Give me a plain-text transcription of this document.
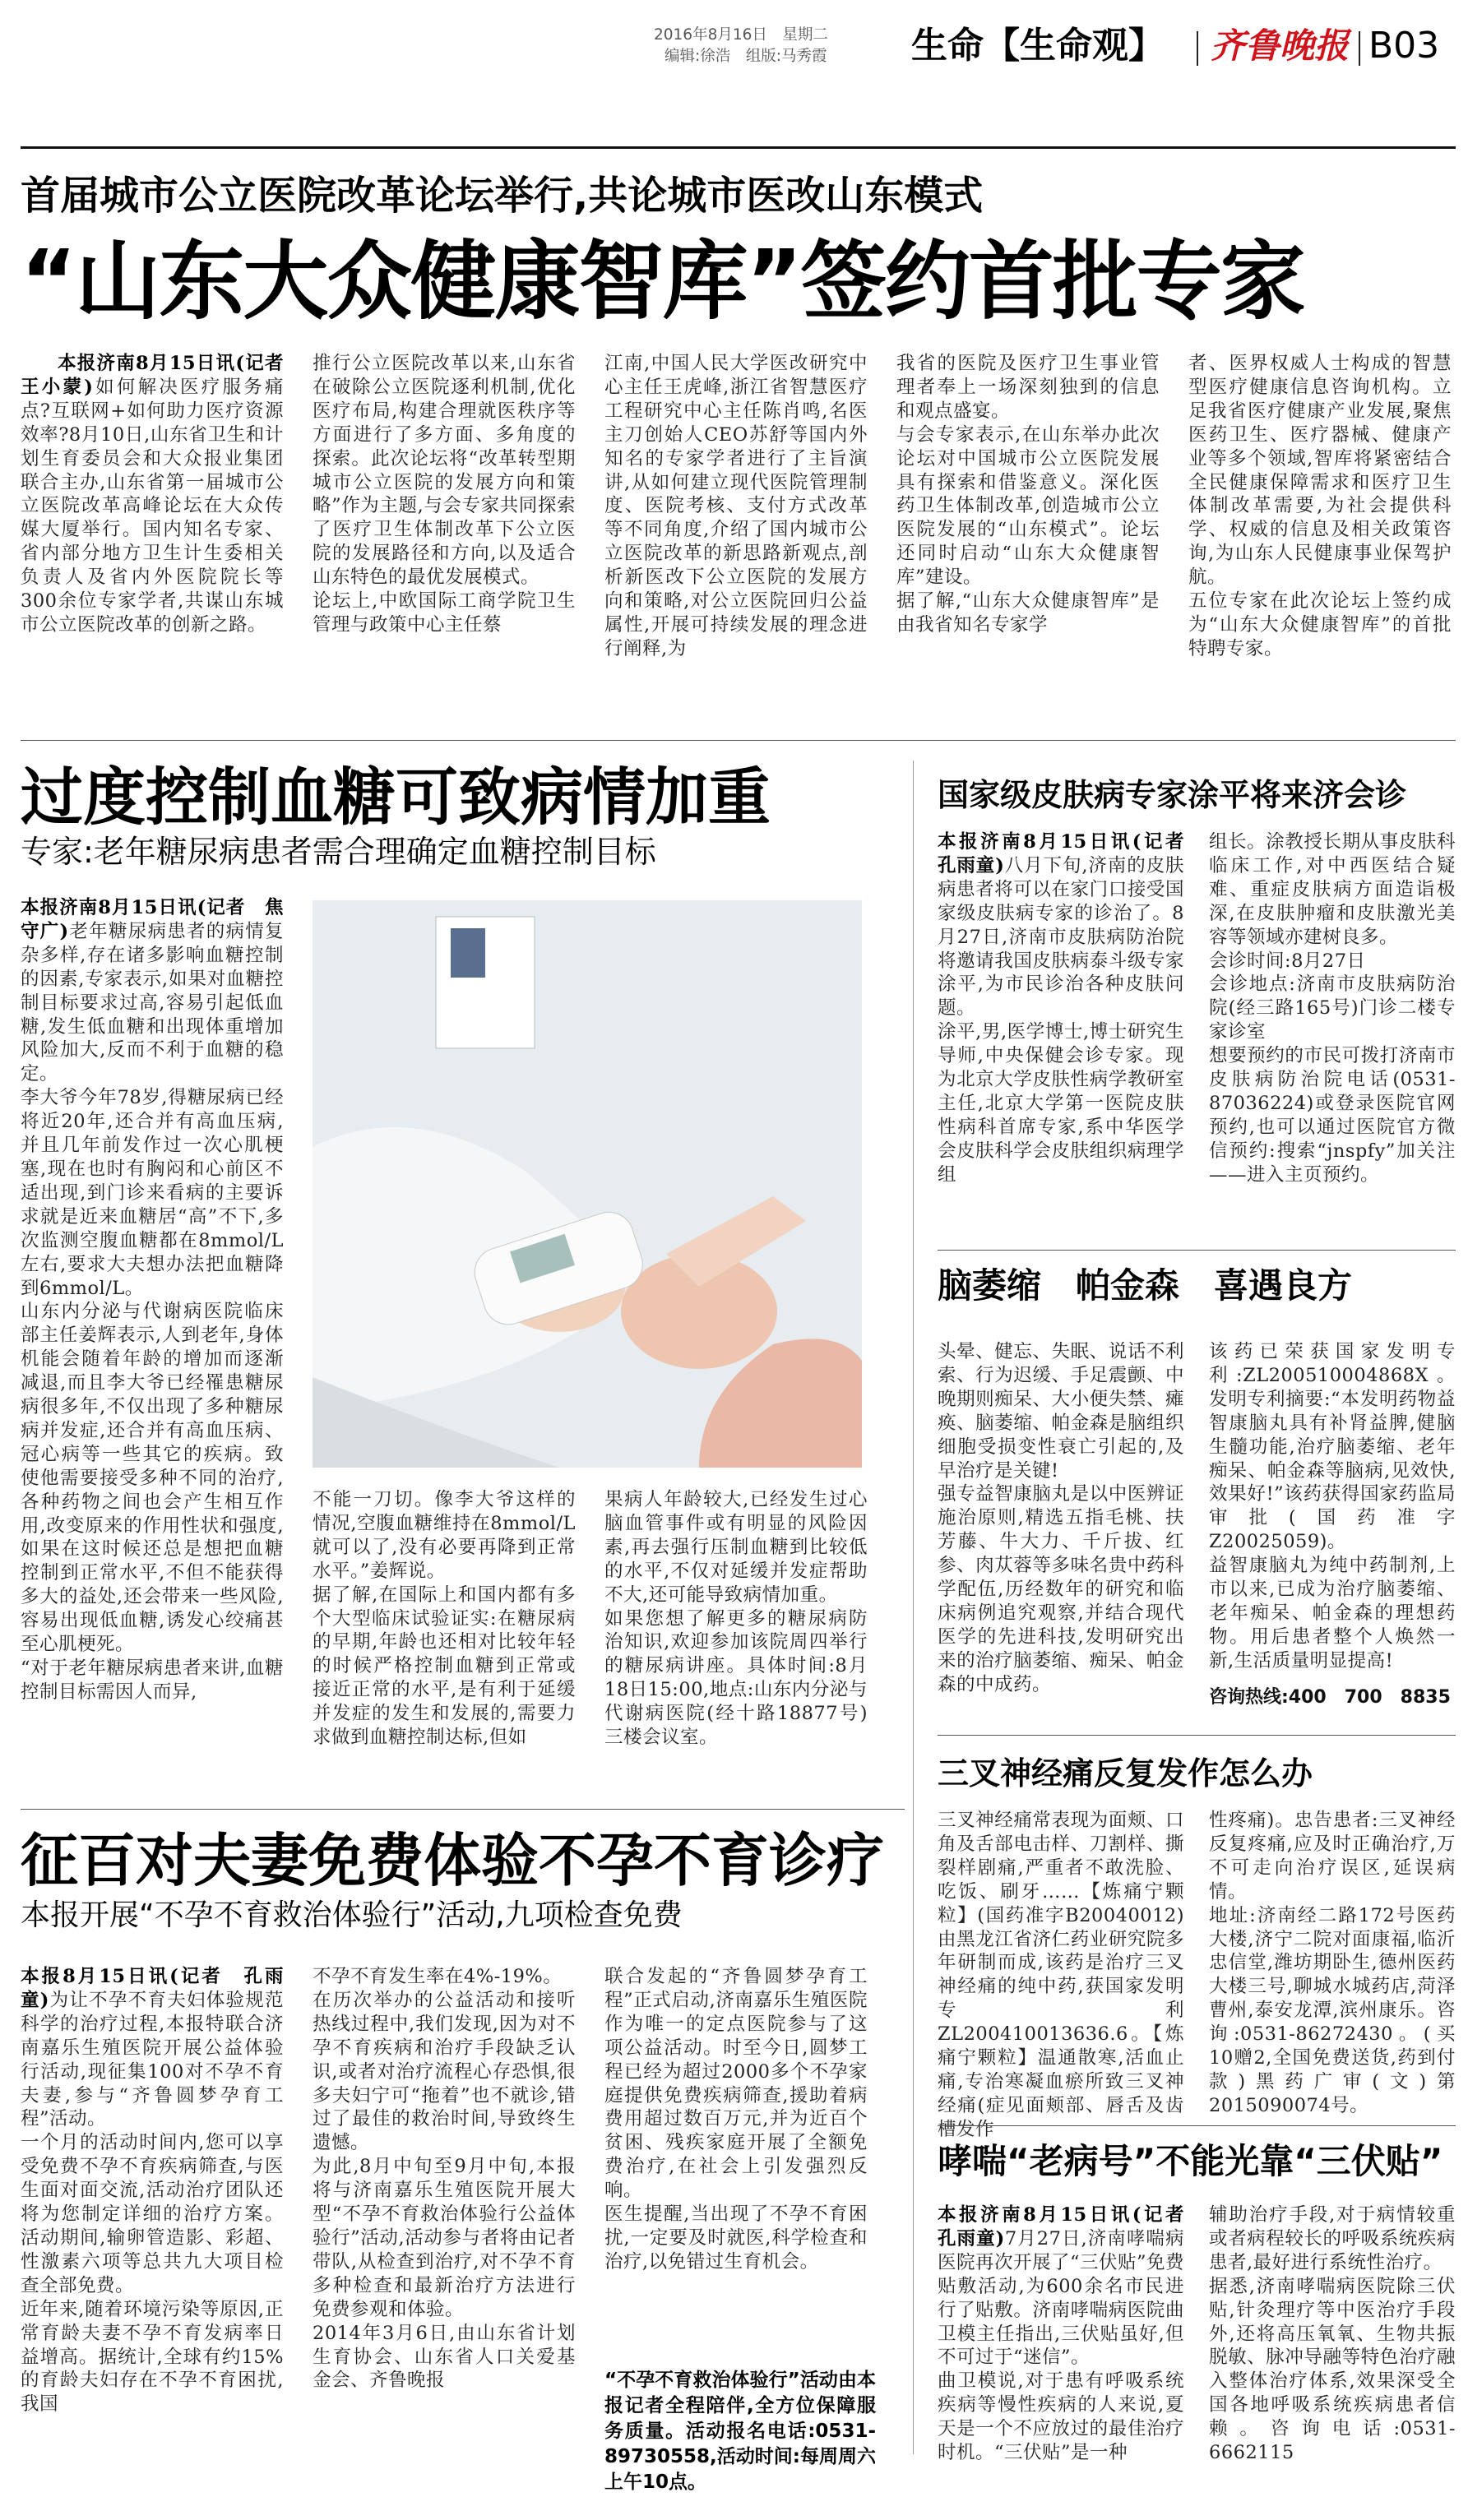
2016年8月16日　星期二
编辑:徐浩　组版:马秀霞	生命【生命观】	齐鲁晚报 B03
首届城市公立医院改革论坛举行,共论城市医改山东模式
“山东大众健康智库”签约首批专家

本报济南8月15日讯(记者　王小蒙)如何解决医疗服务痛点?互联网+如何助力医疗资源效率?8月10日,山东省卫生和计划生育委员会和大众报业集团联合主办,山东省第一届城市公立医院改革高峰论坛在大众传媒大厦举行。国内知名专家、省内部分地方卫生计生委相关负责人及省内外医院院长等300余位专家学者,共谋山东城市公立医院改革的创新之路。

推行公立医院改革以来,山东省在破除公立医院逐利机制,优化医疗布局,构建合理就医秩序等方面进行了多方面、多角度的探索。此次论坛将“改革转型期城市公立医院的发展方向和策略”作为主题,与会专家共同探索了医疗卫生体制改革下公立医院的发展路径和方向,以及适合山东特色的最优发展模式。
论坛上,中欧国际工商学院卫生管理与政策中心主任蔡
江南,中国人民大学医改研究中心主任王虎峰,浙江省智慧医疗工程研究中心主任陈肖鸣,名医主刀创始人CEO苏舒等国内外知名的专家学者进行了主旨演讲,从如何建立现代医院管理制度、医院考核、支付方式改革等不同角度,介绍了国内城市公立医院改革的新思路新观点,剖析新医改下公立医院的发展方向和策略,对公立医院回归公益属性,开展可持续发展的理念进行阐释,为
我省的医院及医疗卫生事业管理者奉上一场深刻独到的信息和观点盛宴。
与会专家表示,在山东举办此次论坛对中国城市公立医院发展具有探索和借鉴意义。深化医药卫生体制改革,创造城市公立医院发展的“山东模式”。论坛还同时启动“山东大众健康智库”建设。
据了解,“山东大众健康智库”是由我省知名专家学
者、医界权威人士构成的智慧型医疗健康信息咨询机构。立足我省医疗健康产业发展,聚焦医药卫生、医疗器械、健康产业等多个领域,智库将紧密结合全民健康保障需求和医疗卫生体制改革需要,为社会提供科学、权威的信息及相关政策咨询,为山东人民健康事业保驾护航。
五位专家在此次论坛上签约成为“山东大众健康智库”的首批特聘专家。
过度控制血糖可致病情加重
专家:老年糖尿病患者需合理确定血糖控制目标
本报济南8月15日讯(记者　焦守广)老年糖尿病患者的病情复杂多样,存在诸多影响血糖控制的因素,专家表示,如果对血糖控制目标要求过高,容易引起低血糖,发生低血糖和出现体重增加风险加大,反而不利于血糖的稳定。
李大爷今年78岁,得糖尿病已经将近20年,还合并有高血压病,并且几年前发作过一次心肌梗塞,现在也时有胸闷和心前区不适出现,到门诊来看病的主要诉求就是近来血糖居“高”不下,多次监测空腹血糖都在8mmol/L左右,要求大夫想办法把血糖降到6mmol/L。
山东内分泌与代谢病医院临床部主任姜辉表示,人到老年,身体机能会随着年龄的增加而逐渐减退,而且李大爷已经罹患糖尿病很多年,不仅出现了多种糖尿病并发症,还合并有高血压病、冠心病等一些其它的疾病。致使他需要接受多种不同的治疗,各种药物之间也会产生相互作用,改变原来的作用性状和强度,如果在这时候还总是想把血糖控制到正常水平,不但不能获得多大的益处,还会带来一些风险,容易出现低血糖,诱发心绞痛甚至心肌梗死。
“对于老年糖尿病患者来讲,血糖控制目标需因人而异,
不能一刀切。像李大爷这样的情况,空腹血糖维持在8mmol/L就可以了,没有必要再降到正常水平。”姜辉说。
据了解,在国际上和国内都有多个大型临床试验证实:在糖尿病的早期,年龄也还相对比较年轻的时候严格控制血糖到正常或接近正常的水平,是有利于延缓并发症的发生和发展的,需要力求做到血糖控制达标,但如
果病人年龄较大,已经发生过心脑血管事件或有明显的风险因素,再去强行压制血糖到比较低的水平,不仅对延缓并发症帮助不大,还可能导致病情加重。
如果您想了解更多的糖尿病防治知识,欢迎参加该院周四举行的糖尿病讲座。具体时间:8月18日15:00,地点:山东内分泌与代谢病医院(经十路18877号)三楼会议室。
国家级皮肤病专家涂平将来济会诊
本报济南8月15日讯(记者　孔雨童)八月下旬,济南的皮肤病患者将可以在家门口接受国家级皮肤病专家的诊治了。8月27日,济南市皮肤病防治院将邀请我国皮肤病泰斗级专家涂平,为市民诊治各种皮肤问题。
涂平,男,医学博士,博士研究生导师,中央保健会诊专家。现为北京大学皮肤性病学教研室主任,北京大学第一医院皮肤性病科首席专家,系中华医学会皮肤科学会皮肤组织病理学组
组长。涂教授长期从事皮肤科临床工作,对中西医结合疑难、重症皮肤病方面造诣极深,在皮肤肿瘤和皮肤激光美容等领域亦建树良多。
会诊时间:8月27日
会诊地点:济南市皮肤病防治院(经三路165号)门诊二楼专家诊室
想要预约的市民可拨打济南市皮肤病防治院电话(0531-87036224)或登录医院官网预约,也可以通过医院官方微信预约:搜索“jnspfy”加关注——进入主页预约。
脑萎缩　帕金森　喜遇良方
头晕、健忘、失眠、说话不利索、行为迟缓、手足震颤、中晚期则痴呆、大小便失禁、瘫痪、脑萎缩、帕金森是脑组织细胞受损变性衰亡引起的,及早治疗是关键!
强专益智康脑丸是以中医辨证施治原则,精选五指毛桃、扶芳藤、牛大力、千斤拔、红参、肉苁蓉等多味名贵中药科学配伍,历经数年的研究和临床病例追究观察,并结合现代医学的先进科技,发明研究出来的治疗脑萎缩、痴呆、帕金森的中成药。
该药已荣获国家发明专利:ZL200510004868X。发明专利摘要:“本发明药物益智康脑丸具有补肾益脾,健脑生髓功能,治疗脑萎缩、老年痴呆、帕金森等脑病,见效快,效果好!”该药获得国家药监局审批(国药准字Z20025059)。
益智康脑丸为纯中药制剂,上市以来,已成为治疗脑萎缩、老年痴呆、帕金森的理想药物。用后患者整个人焕然一新,生活质量明显提高!
咨询热线:400　700　8835
三叉神经痛反复发作怎么办
三叉神经痛常表现为面颊、口角及舌部电击样、刀割样、撕裂样剧痛,严重者不敢洗脸、吃饭、刷牙……【炼痛宁颗粒】(国药准字B20040012)由黑龙江省济仁药业研究院多年研制而成,该药是治疗三叉神经痛的纯中药,获国家发明专利ZL200410013636.6。【炼痛宁颗粒】温通散寒,活血止痛,专治寒凝血瘀所致三叉神经痛(症见面颊部、唇舌及齿槽发作
性疼痛)。忠告患者:三叉神经反复疼痛,应及时正确治疗,万不可走向治疗误区,延误病情。
地址:济南经二路172号医药大楼,济宁二院对面康福,临沂忠信堂,潍坊期卧生,德州医药大楼三号,聊城水城药店,菏泽曹州,泰安龙潭,滨州康乐。咨询:0531-86272430。(买10赠2,全国免费送货,药到付款)黑药广审(文)第2015090074号。
征百对夫妻免费体验不孕不育诊疗
本报开展“不孕不育救治体验行”活动,九项检查免费
本报8月15日讯(记者　孔雨童)为让不孕不育夫妇体验规范科学的治疗过程,本报特联合济南嘉乐生殖医院开展公益体验行活动,现征集100对不孕不育夫妻,参与“齐鲁圆梦孕育工程”活动。
一个月的活动时间内,您可以享受免费不孕不育疾病筛查,与医生面对面交流,活动治疗团队还将为您制定详细的治疗方案。活动期间,输卵管造影、彩超、性激素六项等总共九大项目检查全部免费。
近年来,随着环境污染等原因,正常育龄夫妻不孕不育发病率日益增高。据统计,全球有约15%的育龄夫妇存在不孕不育困扰,我国
不孕不育发生率在4%-19%。
在历次举办的公益活动和接听热线过程中,我们发现,因为对不孕不育疾病和治疗手段缺乏认识,或者对治疗流程心存恐惧,很多夫妇宁可“拖着”也不就诊,错过了最佳的救治时间,导致终生遗憾。
为此,8月中旬至9月中旬,本报将与济南嘉乐生殖医院开展大型“不孕不育救治体验行公益体验行”活动,活动参与者将由记者带队,从检查到治疗,对不孕不育多种检查和最新治疗方法进行免费参观和体验。
2014年3月6日,由山东省计划生育协会、山东省人口关爱基金会、齐鲁晚报
联合发起的“齐鲁圆梦孕育工程”正式启动,济南嘉乐生殖医院作为唯一的定点医院参与了这项公益活动。时至今日,圆梦工程已经为超过2000多个不孕家庭提供免费疾病筛查,援助着病费用超过数百万元,并为近百个贫困、残疾家庭开展了全额免费治疗,在社会上引发强烈反响。
医生提醒,当出现了不孕不育困扰,一定要及时就医,科学检查和治疗,以免错过生育机会。
“不孕不育救治体验行”活动由本报记者全程陪伴,全方位保障服务质量。活动报名电话:0531-89730558,活动时间:每周周六上午10点。
哮喘“老病号”不能光靠“三伏贴”
本报济南8月15日讯(记者　孔雨童)7月27日,济南哮喘病医院再次开展了“三伏贴”免费贴敷活动,为600余名市民进行了贴敷。济南哮喘病医院曲卫模主任指出,三伏贴虽好,但不可过于“迷信”。
曲卫模说,对于患有呼吸系统疾病等慢性疾病的人来说,夏天是一个不应放过的最佳治疗时机。“三伏贴”是一种
辅助治疗手段,对于病情较重或者病程较长的呼吸系统疾病患者,最好进行系统性治疗。
据悉,济南哮喘病医院除三伏贴,针灸理疗等中医治疗手段外,还将高压氧氧、生物共振脱敏、脉冲导融等特色治疗融入整体治疗体系,效果深受全国各地呼吸系统疾病患者信赖。咨询电话:0531-6662115
